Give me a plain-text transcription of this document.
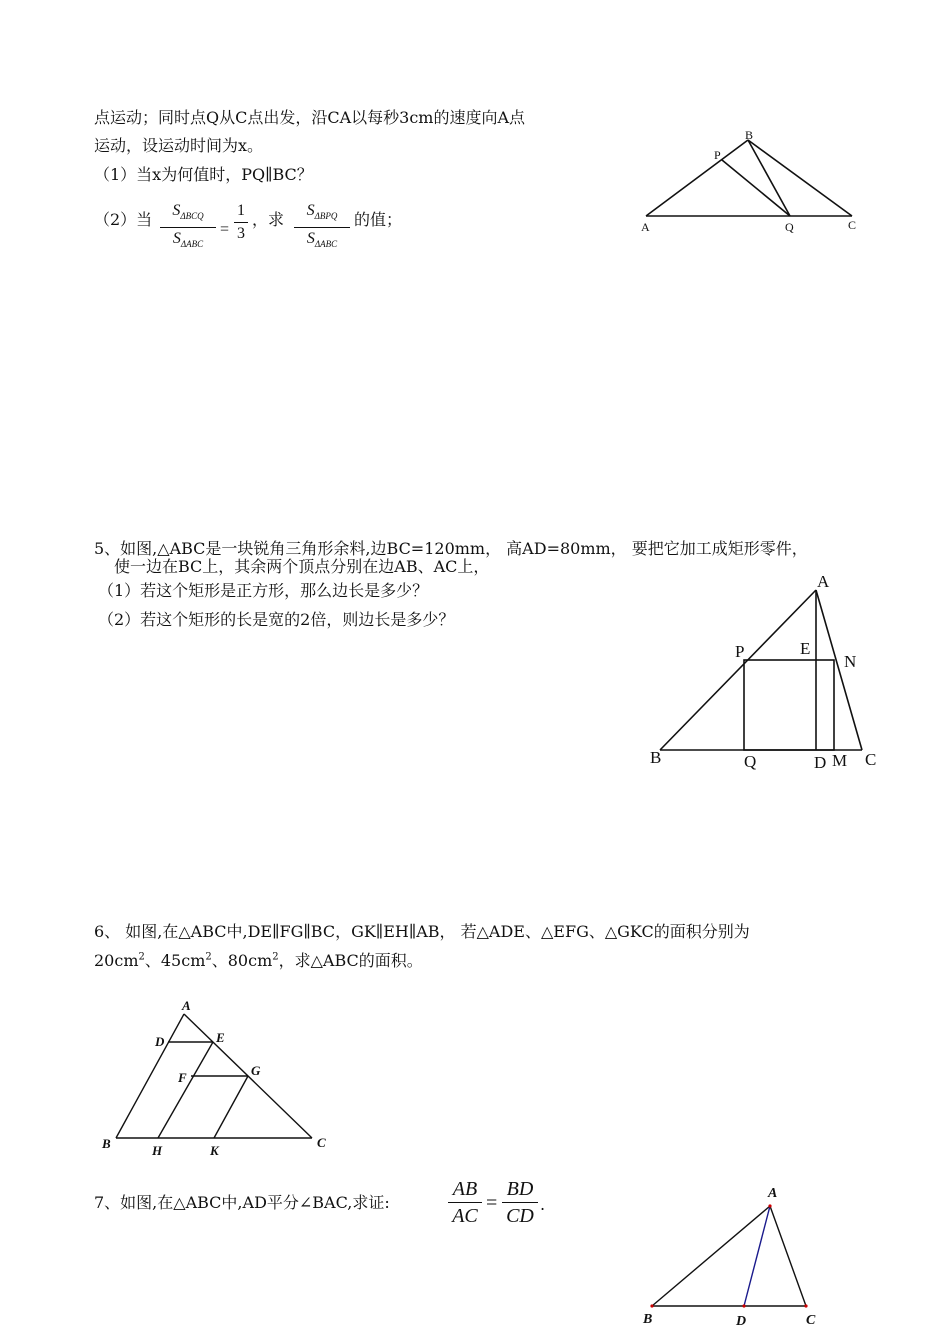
点运动；同时点Q从C点出发，沿CA以每秒3cm的速度向A点
运动，设运动时间为x。
（1）当x为何值时，PQ∥BC？
（2）当	$S_{\Delta BCQ}$
$S_{\Delta ABC}$
=
1
3
，求	$S_{\Delta BPQ}$
$S_{\Delta ABC}$
的值；	A
B
P
Q	C
5、如图,△ABC是一块锐角三角形余料,边BC=120mm， 高AD=80mm， 要把它加工成矩形零件，
使一边在BC上，其余两个顶点分别在边AB、AC上，
（1）若这个矩形是正方形，那么边长是多少？
（2）若这个矩形的长是宽的2倍，则边长是多少？
A
P	E
N
B	Q	D M C
6、 如图,在△ABC中,DE∥FG∥BC，GK∥EH∥AB， 若△ADE、△EFG、△GKC的面积分别为
$20cm^2$、$45cm^2$、$80cm^2$，求△ABC的面积。
A
D	E
F	G
B	H	K
C
7、如图,在△ABC中,AD平分∠BAC,求证:
AB
AC
=
BD
CD
.
A
B	D	C
